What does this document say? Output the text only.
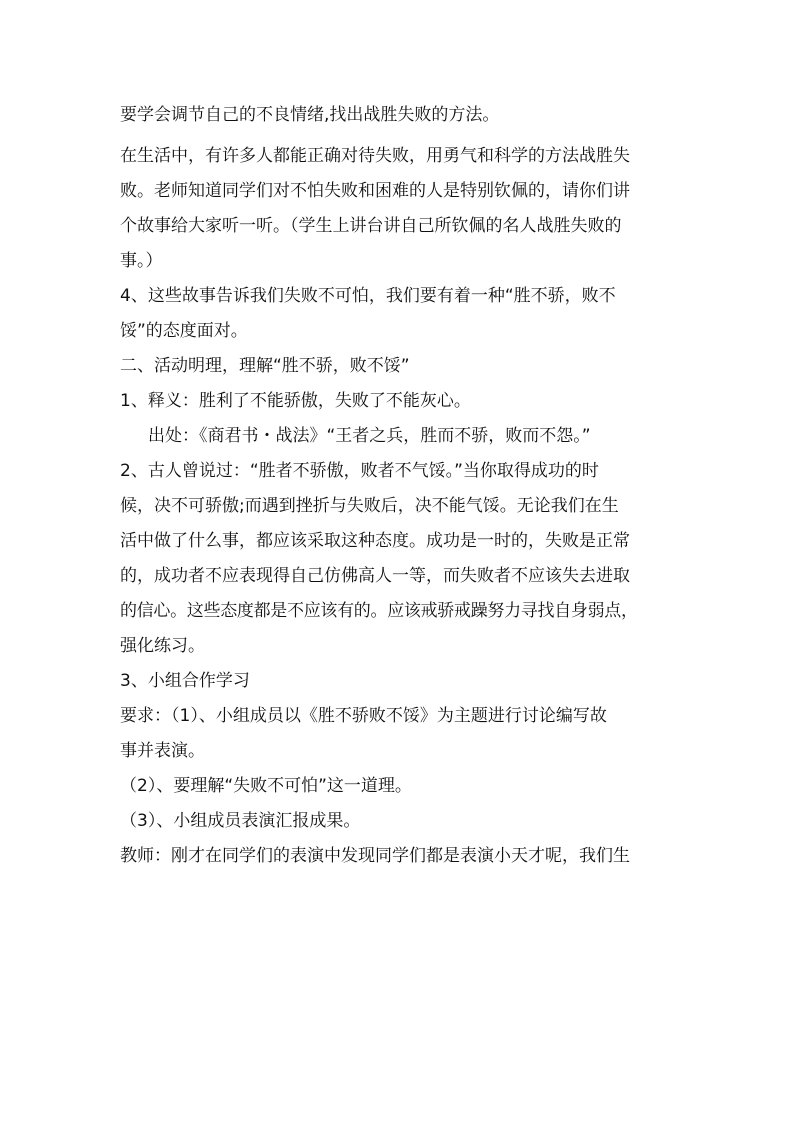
要学会调节自己的不良情绪,找出战胜失败的方法。
在生活中，有许多人都能正确对待失败，用勇气和科学的方法战胜失
败。老师知道同学们对不怕失败和困难的人是特别钦佩的，请你们讲
个故事给大家听一听。（学生上讲台讲自己所钦佩的名人战胜失败的
事。）
4、这些故事告诉我们失败不可怕，我们要有着一种“胜不骄，败不
馁”的态度面对。
二、活动明理，理解“胜不骄，败不馁”
1、释义：胜利了不能骄傲，失败了不能灰心。
出处：《商君书・战法》“王者之兵，胜而不骄，败而不怨。”
2、古人曾说过：“胜者不骄傲，败者不气馁。”当你取得成功的时
候，决不可骄傲;而遇到挫折与失败后，决不能气馁。无论我们在生
活中做了什么事，都应该采取这种态度。成功是一时的，失败是正常
的，成功者不应表现得自己仿佛高人一等，而失败者不应该失去进取
的信心。这些态度都是不应该有的。应该戒骄戒躁努力寻找自身弱点，
强化练习。
3、小组合作学习
要求：（1）、小组成员以《胜不骄败不馁》为主题进行讨论编写故
事并表演。
（2）、要理解“失败不可怕”这一道理。
（3）、小组成员表演汇报成果。
教师：刚才在同学们的表演中发现同学们都是表演小天才呢，我们生
